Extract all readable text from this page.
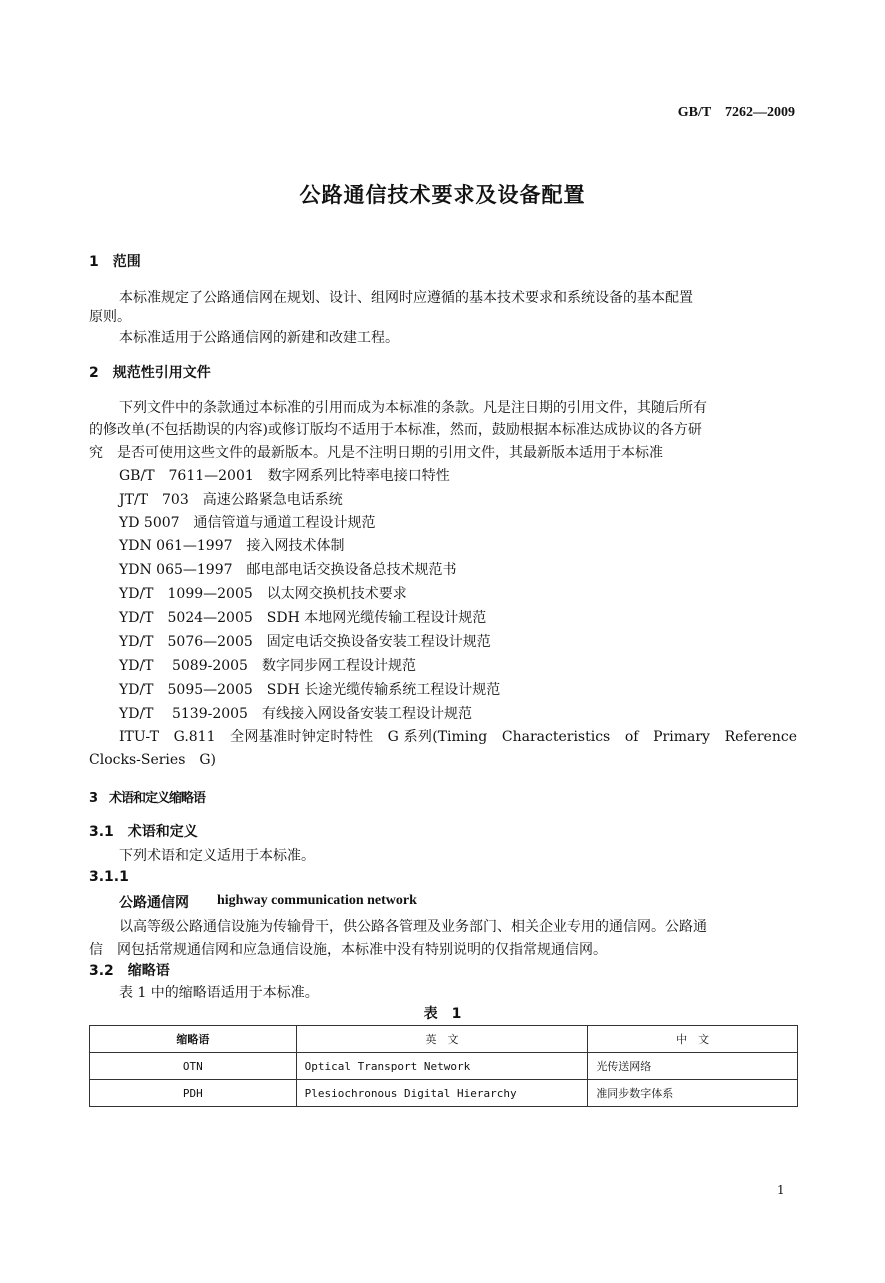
GB/T　7262—2009
公路通信技术要求及设备配置
1　范围
本标准规定了公路通信网在规划、设计、组网时应遵循的基本技术要求和系统设备的基本配置
原则。
本标准适用于公路通信网的新建和改建工程。
2　规范性引用文件
下列文件中的条款通过本标准的引用而成为本标准的条款。凡是注日期的引用文件，其随后所有
的修改单(不包括勘误的内容)或修订版均不适用于本标准，然而，鼓励根据本标准达成协议的各方研
究　是否可使用这些文件的最新版本。凡是不注明日期的引用文件，其最新版本适用于本标准
GB/T　7611—2001　数字网系列比特率电接口特性
JT/T　703　高速公路紧急电话系统
YD 5007　通信管道与通道工程设计规范
YDN 061—1997　接入网技术体制
YDN 065—1997　邮电部电话交换设备总技术规范书
YD/T　1099—2005　以太网交换机技术要求
YD/T　5024—2005　SDH 本地网光缆传输工程设计规范
YD/T　5076—2005　固定电话交换设备安装工程设计规范
YD/T　 5089-2005　数字同步网工程设计规范
YD/T　5095—2005　SDH 长途光缆传输系统工程设计规范
YD/T　 5139-2005　有线接入网设备安装工程设计规范
ITU-T　G.811　全网基准时钟定时特性　G 系列(Timing　Characteristics　of　Primary　Reference
Clocks-Series　G)
3　术语和定义缩略语
3.1　术语和定义
下列术语和定义适用于本标准。
3.1.1
公路通信网 highway communication network
以高等级公路通信设施为传输骨干，供公路各管理及业务部门、相关企业专用的通信网。公路通
信　网包括常规通信网和应急通信设施，本标准中没有特别说明的仅指常规通信网。
3.2　缩略语
表 1 中的缩略语适用于本标准。
表　1
缩略语	英　文	中　文
OTN	Optical Transport Network	光传送网络
PDH	Plesiochronous Digital Hierarchy	准同步数字体系
1
